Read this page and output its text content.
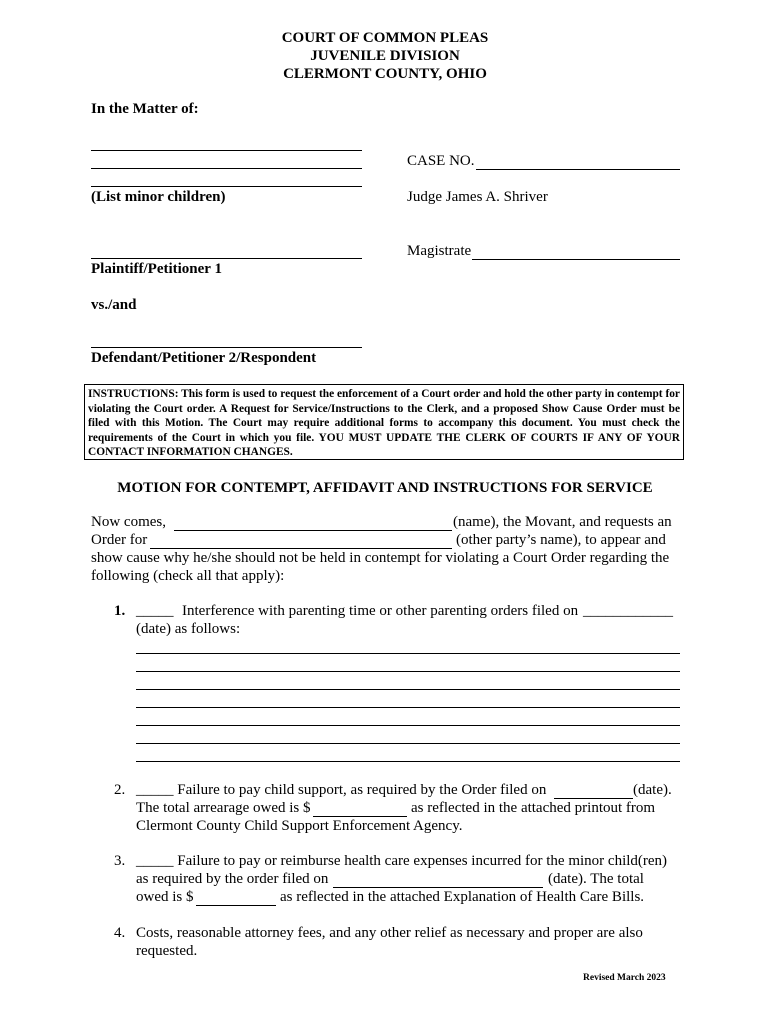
COURT OF COMMON PLEAS
JUVENILE DIVISION
CLERMONT COUNTY, OHIO
In the Matter of:
(List minor children)
Plaintiff/Petitioner 1
vs./and
Defendant/Petitioner 2/Respondent
CASE NO.
Judge James A. Shriver
Magistrate
INSTRUCTIONS: This form is used to request the enforcement of a Court order and hold the other party in contempt for violating the Court order. A Request for Service/Instructions to the Clerk, and a proposed Show Cause Order must be filed with this Motion. The Court may require additional forms to accompany this document. You must check the requirements of the Court in which you file. YOU MUST UPDATE THE CLERK OF COURTS IF ANY OF YOUR CONTACT INFORMATION CHANGES.
MOTION FOR CONTEMPT, AFFIDAVIT AND INSTRUCTIONS FOR SERVICE
Now comes,	(name), the Movant, and requests an
Order for	(other party’s name), to appear and
show cause why he/she should not be held in contempt for violating a Court Order regarding the
following (check all that apply):
1. _____ Interference with parenting time or other parenting orders filed on ____________
(date) as follows:
2. _____ Failure to pay child support, as required by the Order filed on	(date).
The total arrearage owed is $	as reflected in the attached printout from
Clermont County Child Support Enforcement Agency.
3. _____ Failure to pay or reimburse health care expenses incurred for the minor child(ren)
as required by the order filed on	(date). The total
owed is $	as reflected in the attached Explanation of Health Care Bills.
4. Costs, reasonable attorney fees, and any other relief as necessary and proper are also
requested.
Revised March 2023
